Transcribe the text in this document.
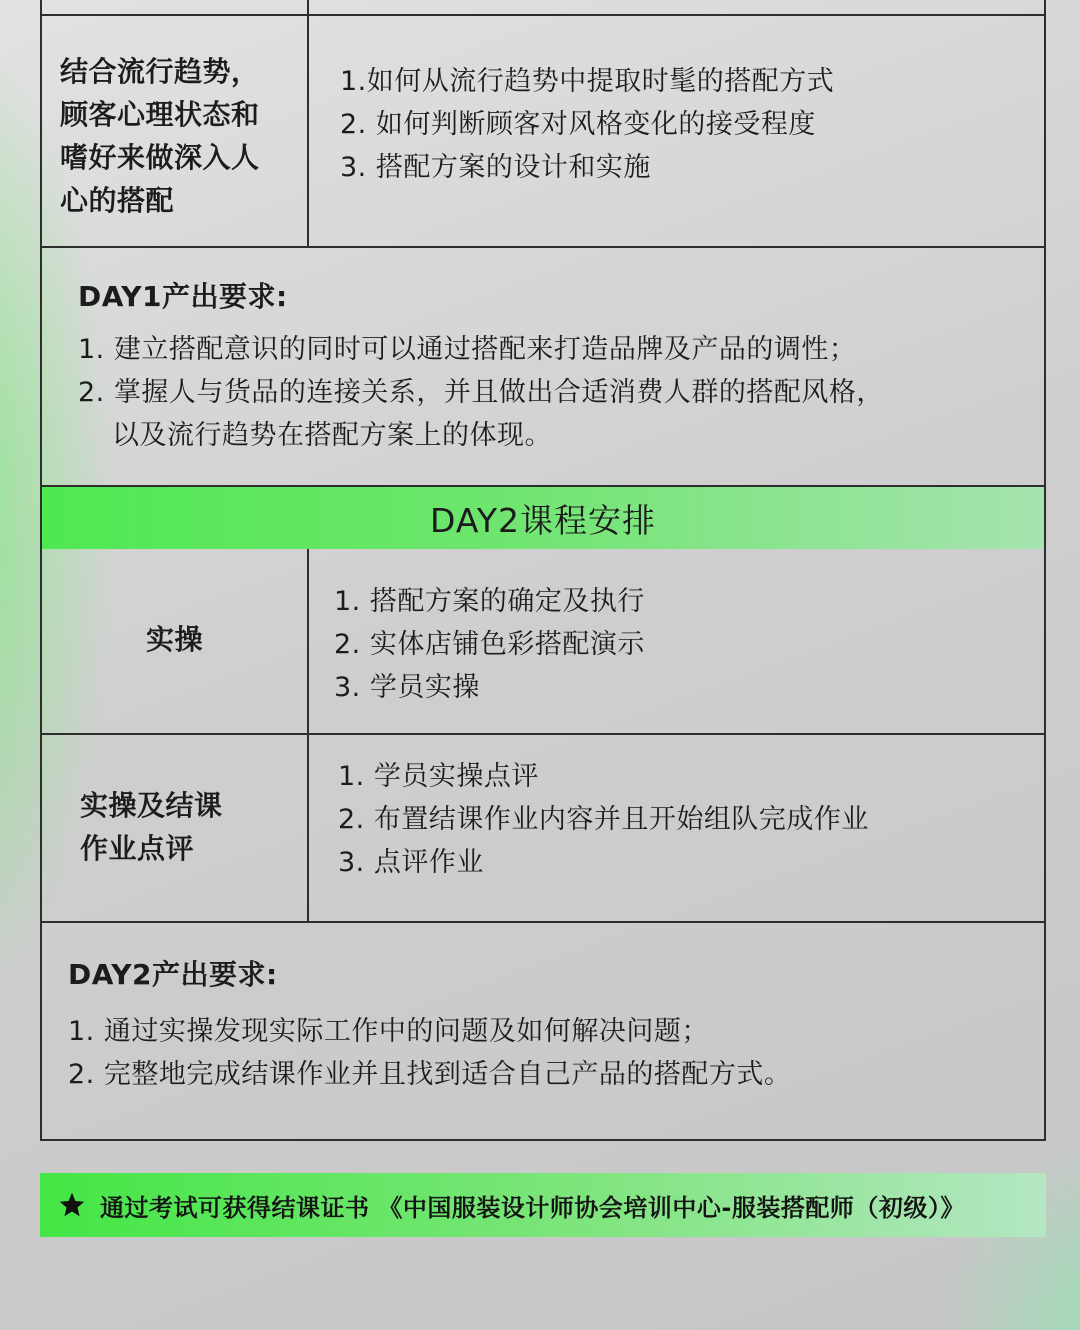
结合流行趋势，
顾客心理状态和
嗜好来做深入人
心的搭配
1.如何从流行趋势中提取时髦的搭配方式
2. 如何判断顾客对风格变化的接受程度
3. 搭配方案的设计和实施
DAY1产出要求:
1. 建立搭配意识的同时可以通过搭配来打造品牌及产品的调性；
2. 掌握人与货品的连接关系，并且做出合适消费人群的搭配风格，
以及流行趋势在搭配方案上的体现。
DAY2课程安排
实操
1. 搭配方案的确定及执行
2. 实体店铺色彩搭配演示
3. 学员实操
实操及结课
作业点评
1. 学员实操点评
2. 布置结课作业内容并且开始组队完成作业
3. 点评作业
DAY2产出要求:
1. 通过实操发现实际工作中的问题及如何解决问题；
2. 完整地完成结课作业并且找到适合自己产品的搭配方式。
通过考试可获得结课证书 《中国服装设计师协会培训中心-服装搭配师（初级）》
